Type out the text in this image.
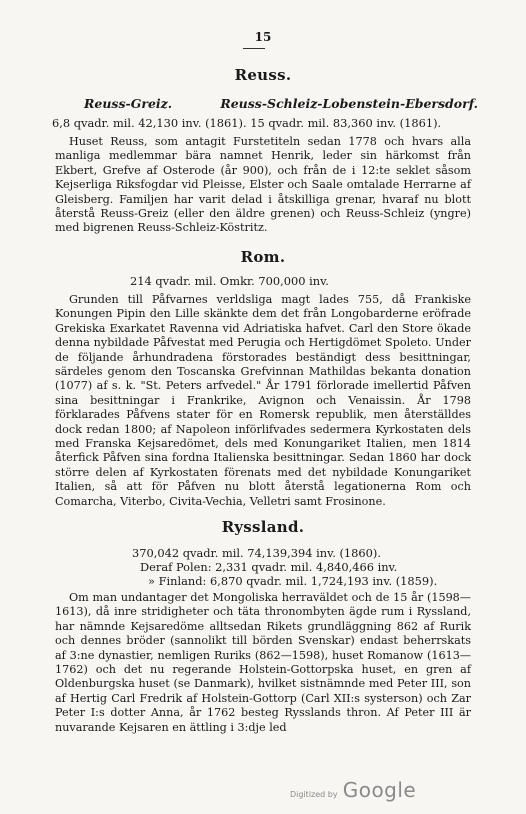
15
Reuss.
Reuss-Greiz.	Reuss-Schleiz-Lobenstein-Ebersdorf.
6,8 qvadr. mil. 42,130 inv. (1861). 15 qvadr. mil. 83,360 inv. (1861).

Huset Reuss, som antagit Furstetiteln sedan 1778 och hvars alla manliga medlemmar bära namnet Henrik, leder sin härkomst från Ekbert, Grefve af Osterode (år 900), och från de i 12:te seklet såsom Kejserliga Riksfogdar vid Pleisse, Elster och Saale omtalade Herrarne af Gleisberg. Familjen har varit delad i åtskilliga grenar, hvaraf nu blott återstå Reuss-Greiz (eller den äldre grenen) och Reuss-Schleiz (yngre) med bigrenen Reuss-Schleiz-Köstritz.

Rom.
214 qvadr. mil. Omkr. 700,000 inv.

Grunden till Påfvarnes verldsliga magt lades 755, då Frankiske Konungen Pipin den Lille skänkte dem det från Longobarderne eröfrade Grekiska Exarkatet Ravenna vid Adriatiska hafvet. Carl den Store ökade denna nybildade Påfvestat med Perugia och Hertigdömet Spoleto. Under de följande århundradena förstorades beständigt dess besittningar, särdeles genom den Toscanska Grefvinnan Mathildas bekanta donation (1077) af s. k. "St. Peters arfvedel." År 1791 förlorade imellertid Påfven sina besittningar i Frankrike, Avignon och Venaissin. År 1798 förklarades Påfvens stater för en Romersk republik, men återställdes dock redan 1800; af Napoleon införlifvades sedermera Kyrkostaten dels med Franska Kejsaredömet, dels med Konungariket Italien, men 1814 återfick Påfven sina fordna Italienska besittningar. Sedan 1860 har dock större delen af Kyrkostaten förenats med det nybildade Konungariket Italien, så att för Påfven nu blott återstå legationerna Rom och Comarcha, Viterbo, Civita-Vechia, Velletri samt Frosinone.

Ryssland.
370,042 qvadr. mil. 74,139,394 inv. (1860).
Deraf Polen: 2,331 qvadr. mil. 4,840,466 inv.
» Finland: 6,870 qvadr. mil. 1,724,193 inv. (1859).

Om man undantager det Mongoliska herraväldet och de 15 år (1598—1613), då inre stridigheter och täta thronombyten ägde rum i Ryssland, har nämnde Kejsaredöme alltsedan Rikets grundläggning 862 af Rurik och dennes bröder (sannolikt till börden Svenskar) endast beherrskats af 3:ne dynastier, nemligen Ruriks (862—1598), huset Romanow (1613—1762) och det nu regerande Holstein-Gottorpska huset, en gren af Oldenburgska huset (se Danmark), hvilket sistnämnde med Peter III, son af Hertig Carl Fredrik af Holstein-Gottorp (Carl XII:s systerson) och Zar Peter I:s dotter Anna, år 1762 besteg Rysslands thron. Af Peter III är nuvarande Kejsaren en ättling i 3:dje led

Digitized by Google
